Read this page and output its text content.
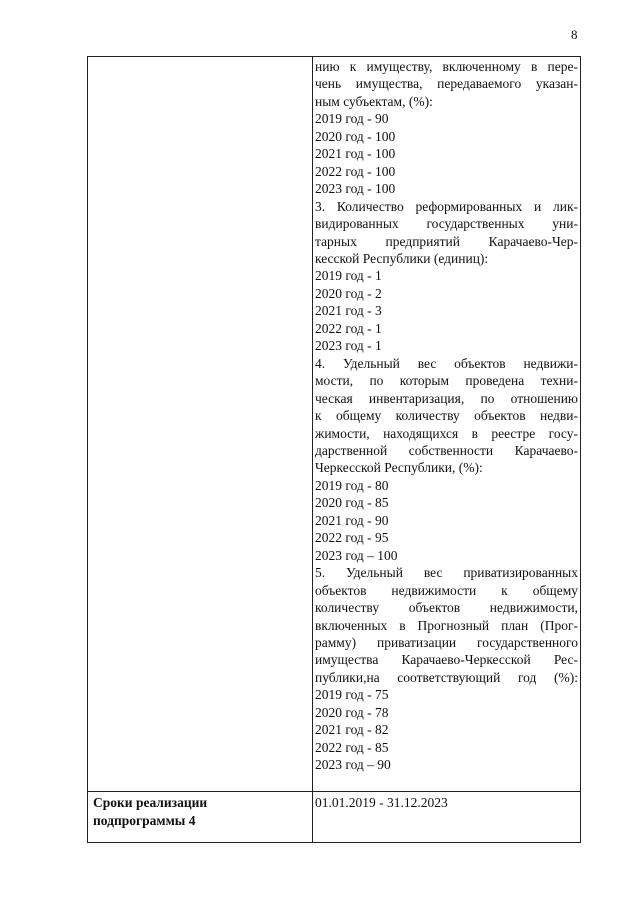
8
нию к имуществу, включенному в пере-
чень имущества, передаваемого указан-
ным субъектам, (%):
2019 год - 90
2020 год - 100
2021 год - 100
2022 год - 100
2023 год - 100
3. Количество реформированных и лик-
видированных государственных уни-
тарных предприятий Карачаево-Чер-
кесской Республики (единиц):
2019 год - 1
2020 год - 2
2021 год - 3
2022 год - 1
2023 год - 1
4. Удельный вес объектов недвижи-
мости, по которым проведена техни-
ческая инвентаризация, по отношению
к общему количеству объектов недви-
жимости, находящихся в реестре госу-
дарственной собственности Карачаево-
Черкесской Республики, (%):
2019 год - 80
2020 год - 85
2021 год - 90
2022 год - 95
2023 год – 100
5. Удельный вес приватизированных
объектов недвижимости к общему
количеству объектов недвижимости,
включенных в Прогнозный план (Прог-
рамму) приватизации государственного
имущества Карачаево-Черкесской Рес-
публики,на соответствующий год (%):
2019 год - 75
2020 год - 78
2021 год - 82
2022 год - 85
2023 год – 90
Сроки реализации
подпрограммы 4
01.01.2019 - 31.12.2023
